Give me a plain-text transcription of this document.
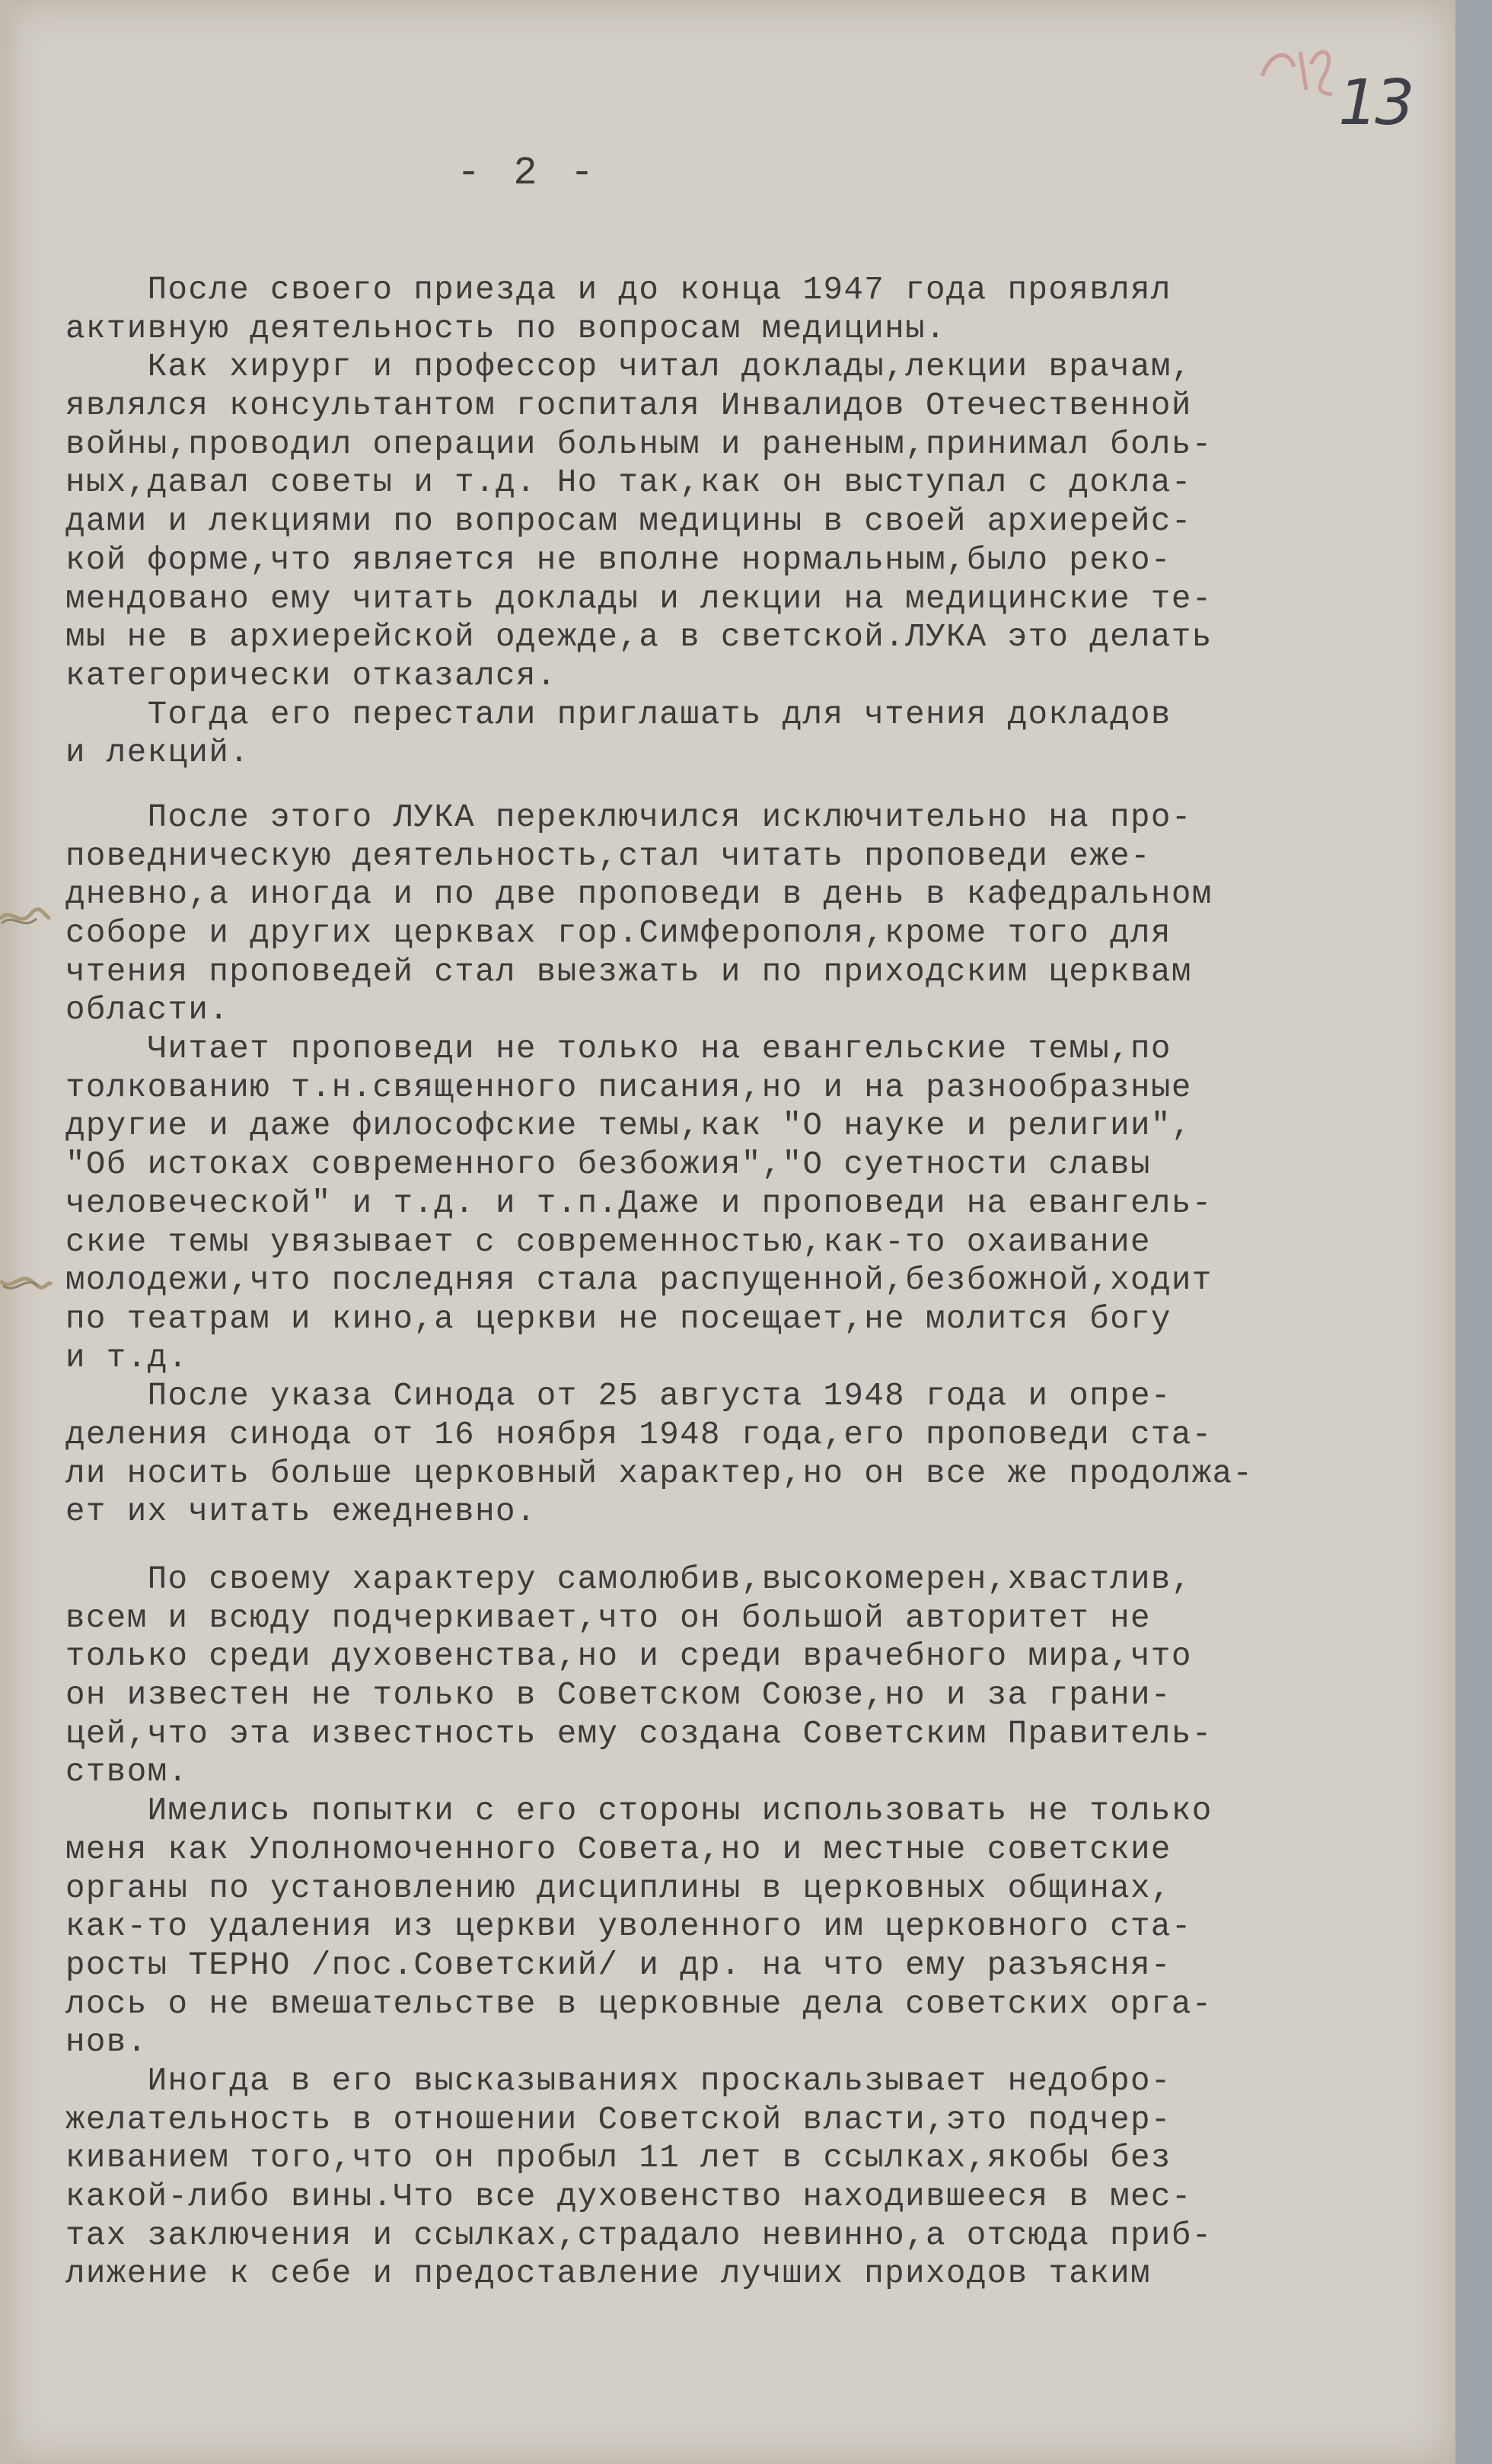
13
- 2 -
После своего приезда и до конца 1947 года проявлял
активную деятельность по вопросам медицины.
Как хирург и профессор читал доклады,лекции врачам,
являлся консультантом госпиталя Инвалидов Отечественной
войны,проводил операции больным и раненым,принимал боль-
ных,давал советы и т.д. Но так,как он выступал с докла-
дами и лекциями по вопросам медицины в своей архиерейс-
кой форме,что является не вполне нормальным,было реко-
мендовано ему читать доклады и лекции на медицинские те-
мы не в архиерейской одежде,а в светской.ЛУКА это делать
категорически отказался.
Тогда его перестали приглашать для чтения докладов
и лекций.
После этого ЛУКА переключился исключительно на про-
поведническую деятельность,стал читать проповеди еже-
дневно,а иногда и по две проповеди в день в кафедральном
соборе и других церквах гор.Симферополя,кроме того для
чтения проповедей стал выезжать и по приходским церквам
области.
Читает проповеди не только на евангельские темы,по
толкованию т.н.священного писания,но и на разнообразные
другие и даже философские темы,как "О науке и религии",
"Об истоках современного безбожия","О суетности славы
человеческой" и т.д. и т.п.Даже и проповеди на евангель-
ские темы увязывает с современностью,как-то охаивание
молодежи,что последняя стала распущенной,безбожной,ходит
по театрам и кино,а церкви не посещает,не молится богу
и т.д.
После указа Синода от 25 августа 1948 года и опре-
деления синода от 16 ноября 1948 года,его проповеди ста-
ли носить больше церковный характер,но он все же продолжа-
ет их читать ежедневно.
По своему характеру самолюбив,высокомерен,хвастлив,
всем и всюду подчеркивает,что он большой авторитет не
только среди духовенства,но и среди врачебного мира,что
он известен не только в Советском Союзе,но и за грани-
цей,что эта известность ему создана Советским Правитель-
ством.
Имелись попытки с его стороны использовать не только
меня как Уполномоченного Совета,но и местные советские
органы по установлению дисциплины в церковных общинах,
как-то удаления из церкви уволенного им церковного ста-
росты ТЕРНО /пос.Советский/ и др. на что ему разъясня-
лось о не вмешательстве в церковные дела советских орга-
нов.
Иногда в его высказываниях проскальзывает недобро-
желательность в отношении Советской власти,это подчер-
киванием того,что он пробыл 11 лет в ссылках,якобы без
какой-либо вины.Что все духовенство находившееся в мес-
тах заключения и ссылках,страдало невинно,а отсюда приб-
лижение к себе и предоставление лучших приходов таким
